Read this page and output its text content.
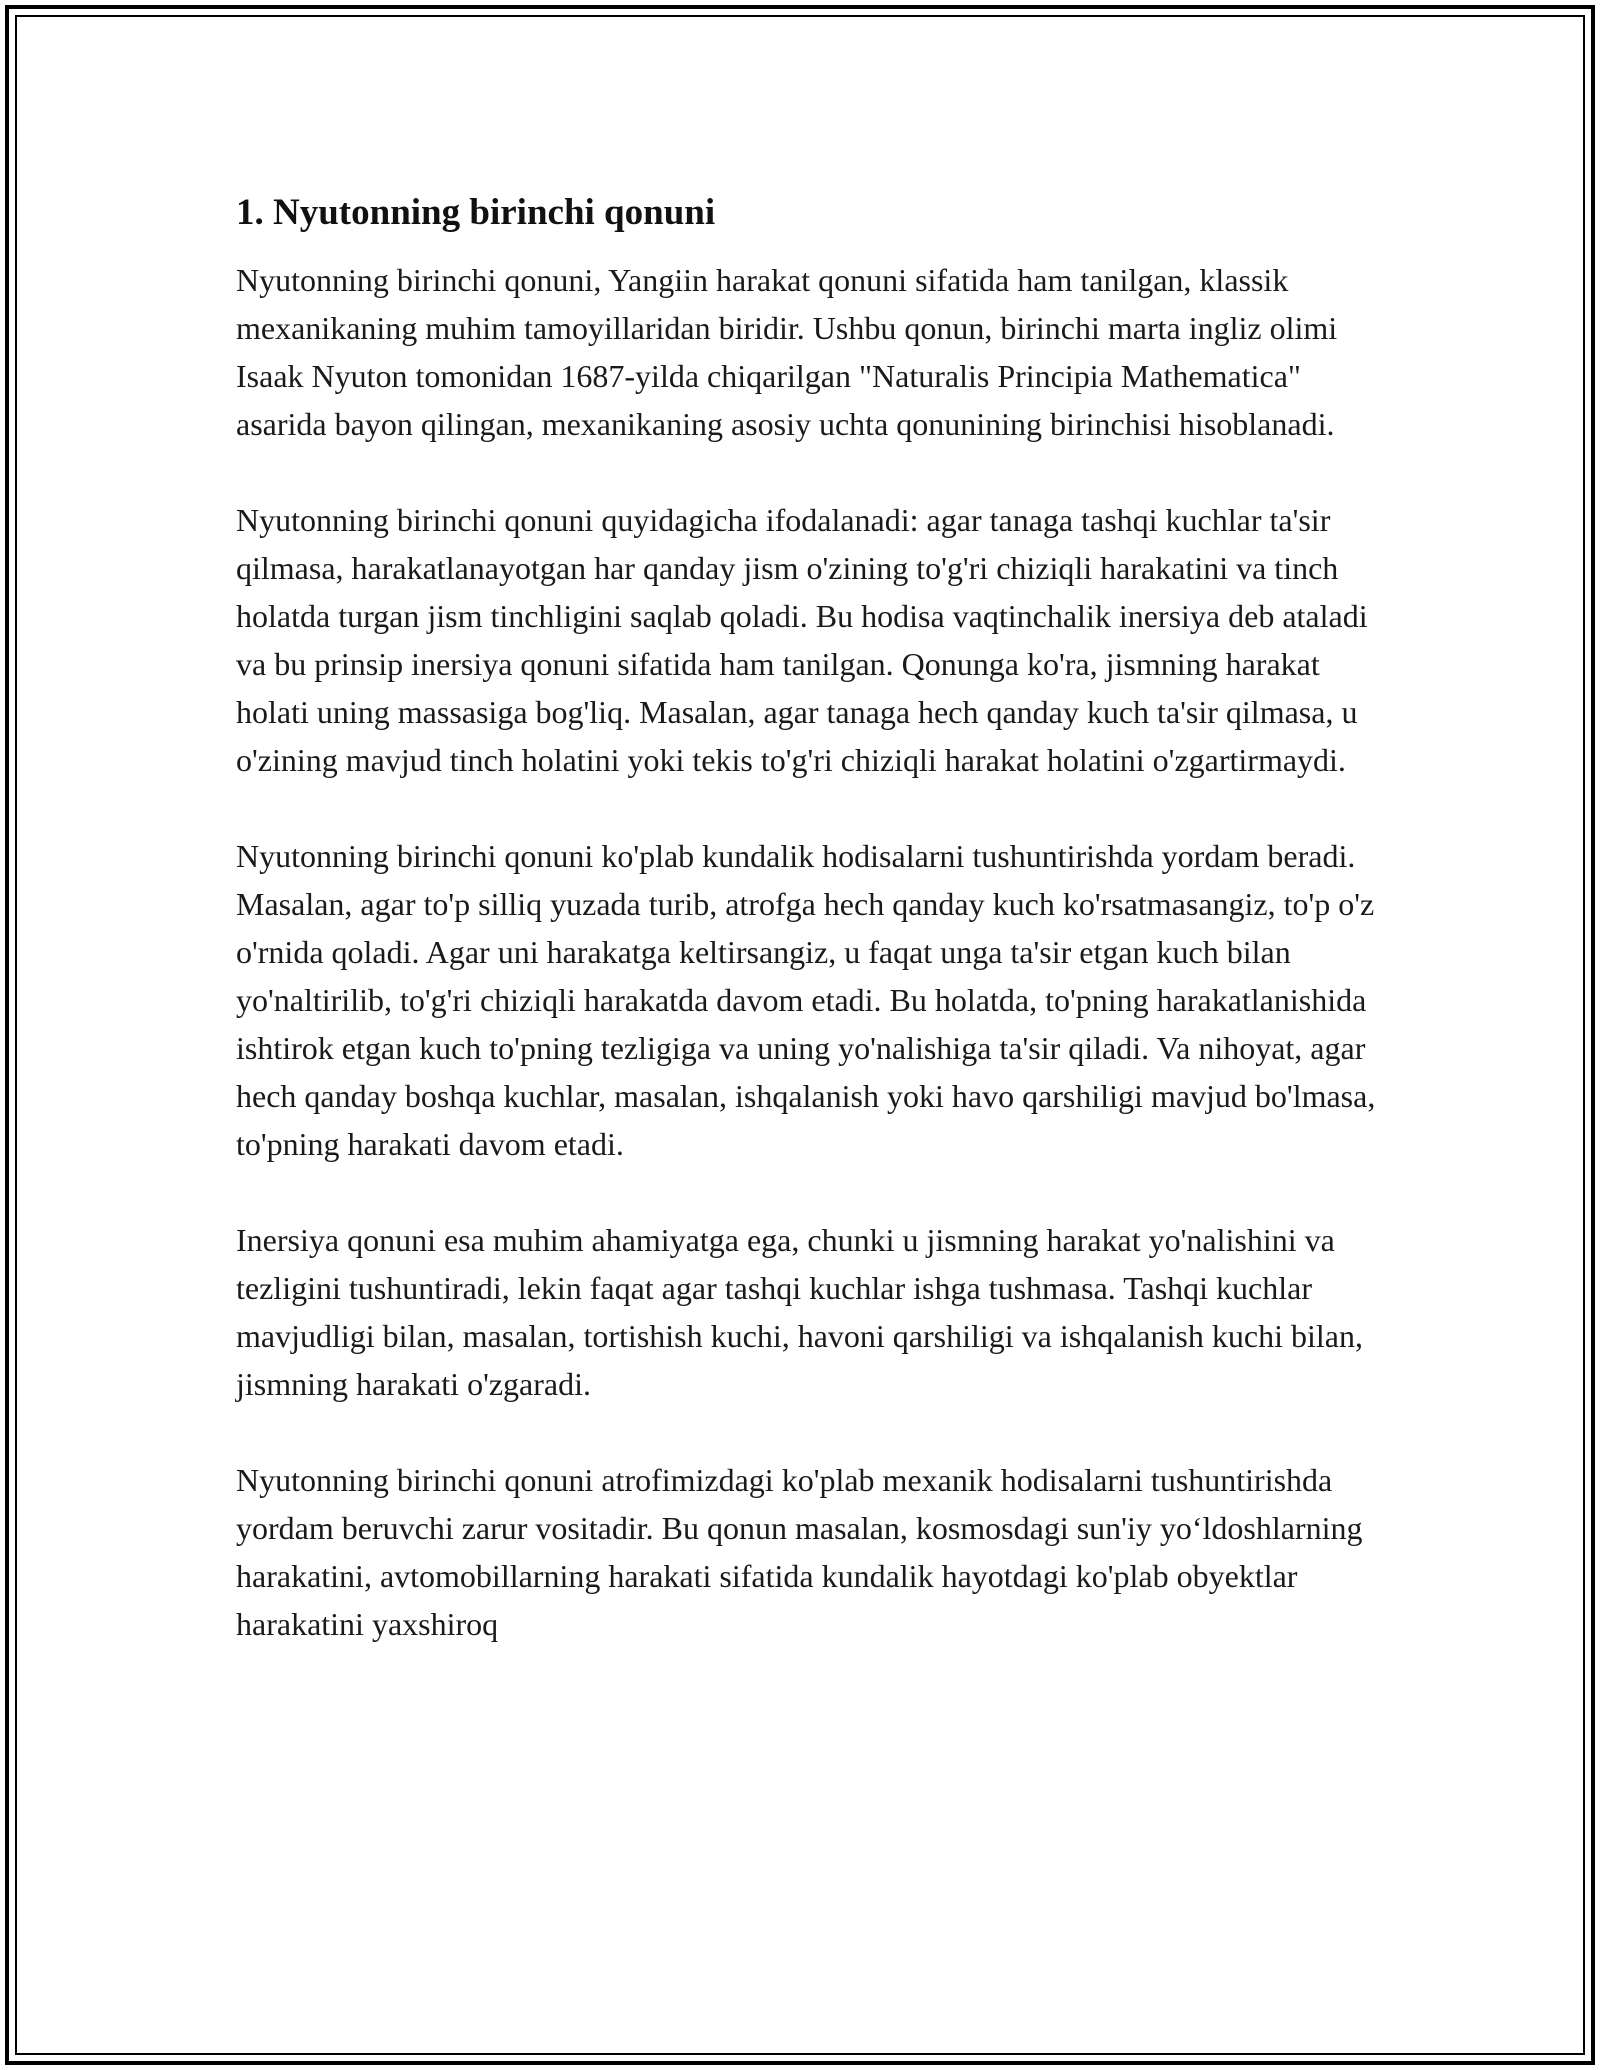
1. Nyutonning birinchi qonuni

Nyutonning birinchi qonuni, Yangiin harakat qonuni sifatida ham tanilgan, klassik mexanikaning muhim tamoyillaridan biridir. Ushbu qonun, birinchi marta ingliz olimi Isaak Nyuton tomonidan 1687-yilda chiqarilgan "Naturalis Principia Mathematica" asarida bayon qilingan, mexanikaning asosiy uchta qonunining birinchisi hisoblanadi.

Nyutonning birinchi qonuni quyidagicha ifodalanadi: agar tanaga tashqi kuchlar ta'sir qilmasa, harakatlanayotgan har qanday jism o'zining to'g'ri chiziqli harakatini va tinch holatda turgan jism tinchligini saqlab qoladi. Bu hodisa vaqtinchalik inersiya deb ataladi va bu prinsip inersiya qonuni sifatida ham tanilgan. Qonunga ko'ra, jismning harakat holati uning massasiga bog'liq. Masalan, agar tanaga hech qanday kuch ta'sir qilmasa, u o'zining mavjud tinch holatini yoki tekis to'g'ri chiziqli harakat holatini o'zgartirmaydi.

Nyutonning birinchi qonuni ko'plab kundalik hodisalarni tushuntirishda yordam beradi. Masalan, agar to'p silliq yuzada turib, atrofga hech qanday kuch ko'rsatmasangiz, to'p o'z o'rnida qoladi. Agar uni harakatga keltirsangiz, u faqat unga ta'sir etgan kuch bilan yo'naltirilib, to'g'ri chiziqli harakatda davom etadi. Bu holatda, to'pning harakatlanishida ishtirok etgan kuch to'pning tezligiga va uning yo'nalishiga ta'sir qiladi. Va nihoyat, agar hech qanday boshqa kuchlar, masalan, ishqalanish yoki havo qarshiligi mavjud bo'lmasa, to'pning harakati davom etadi.

Inersiya qonuni esa muhim ahamiyatga ega, chunki u jismning harakat yo'nalishini va tezligini tushuntiradi, lekin faqat agar tashqi kuchlar ishga tushmasa. Tashqi kuchlar mavjudligi bilan, masalan, tortishish kuchi, havoni qarshiligi va ishqalanish kuchi bilan, jismning harakati o'zgaradi.

Nyutonning birinchi qonuni atrofimizdagi ko'plab mexanik hodisalarni tushuntirishda yordam beruvchi zarur vositadir. Bu qonun masalan, kosmosdagi sun'iy yo‘ldoshlarning harakatini, avtomobillarning harakati sifatida kundalik hayotdagi ko'plab obyektlar harakatini yaxshiroq
